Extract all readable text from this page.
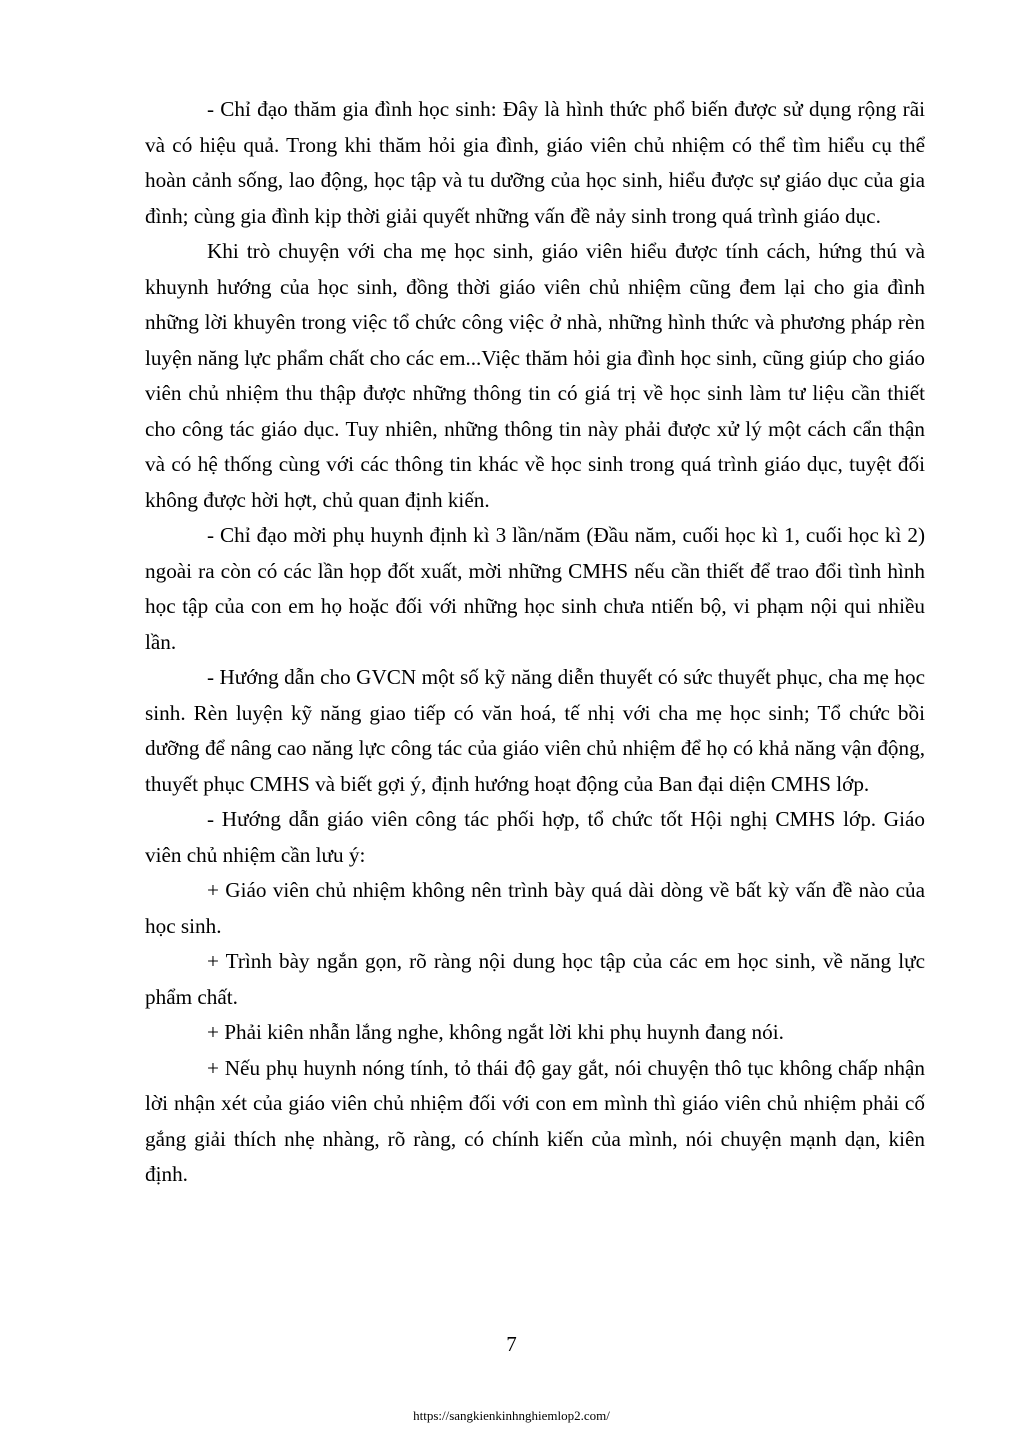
- Chỉ đạo thăm gia đình học sinh: Đây là hình thức phổ biến được sử dụng rộng rãi và có hiệu quả. Trong khi thăm hỏi gia đình, giáo viên chủ nhiệm có thể tìm hiểu cụ thể hoàn cảnh sống, lao động, học tập và tu dưỡng của học sinh, hiểu được sự giáo dục của gia đình; cùng gia đình kịp thời giải quyết những vấn đề nảy sinh trong quá trình giáo dục.

Khi trò chuyện với cha mẹ học sinh, giáo viên hiểu được tính cách, hứng thú và khuynh hướng của học sinh, đồng thời giáo viên chủ nhiệm cũng đem lại cho gia đình những lời khuyên trong việc tổ chức công việc ở nhà, những hình thức và phương pháp rèn luyện năng lực phẩm chất cho các em...Việc thăm hỏi gia đình học sinh, cũng giúp cho giáo viên chủ nhiệm thu thập được những thông tin có giá trị về học sinh làm tư liệu cần thiết cho công tác giáo dục. Tuy nhiên, những thông tin này phải được xử lý một cách cẩn thận và có hệ thống cùng với các thông tin khác về học sinh trong quá trình giáo dục, tuyệt đối không được hời hợt, chủ quan định kiến.

- Chỉ đạo mời phụ huynh định kì 3 lần/năm (Đầu năm, cuối học kì 1, cuối học kì 2) ngoài ra còn có các lần họp đốt xuất, mời những CMHS nếu cần thiết để trao đổi tình hình học tập của con em họ hoặc đối với những học sinh chưa ntiến bộ, vi phạm nội qui nhiều lần.

- Hướng dẫn cho GVCN một số kỹ năng diễn thuyết có sức thuyết phục, cha mẹ học sinh. Rèn luyện kỹ năng giao tiếp có văn hoá, tế nhị với cha mẹ học sinh; Tổ chức bồi dưỡng để nâng cao năng lực công tác của giáo viên chủ nhiệm để họ có khả năng vận động, thuyết phục CMHS và biết gợi ý, định hướng hoạt động của Ban đại diện CMHS lớp.

- Hướng dẫn giáo viên công tác phối hợp, tổ chức tốt Hội nghị CMHS lớp. Giáo viên chủ nhiệm cần lưu ý:

+ Giáo viên chủ nhiệm không nên trình bày quá dài dòng về bất kỳ vấn đề nào của học sinh.

+ Trình bày ngắn gọn, rõ ràng nội dung học tập của các em học sinh, về năng lực phẩm chất.

+ Phải kiên nhẫn lắng nghe, không ngắt lời khi phụ huynh đang nói.

+ Nếu phụ huynh nóng tính, tỏ thái độ gay gắt, nói chuyện thô tục không chấp nhận lời nhận xét của giáo viên chủ nhiệm đối với con em mình thì giáo viên chủ nhiệm phải cố gắng giải thích nhẹ nhàng, rõ ràng, có chính kiến của mình, nói chuyện mạnh dạn, kiên định.

7
https://sangkienkinhnghiemlop2.com/
